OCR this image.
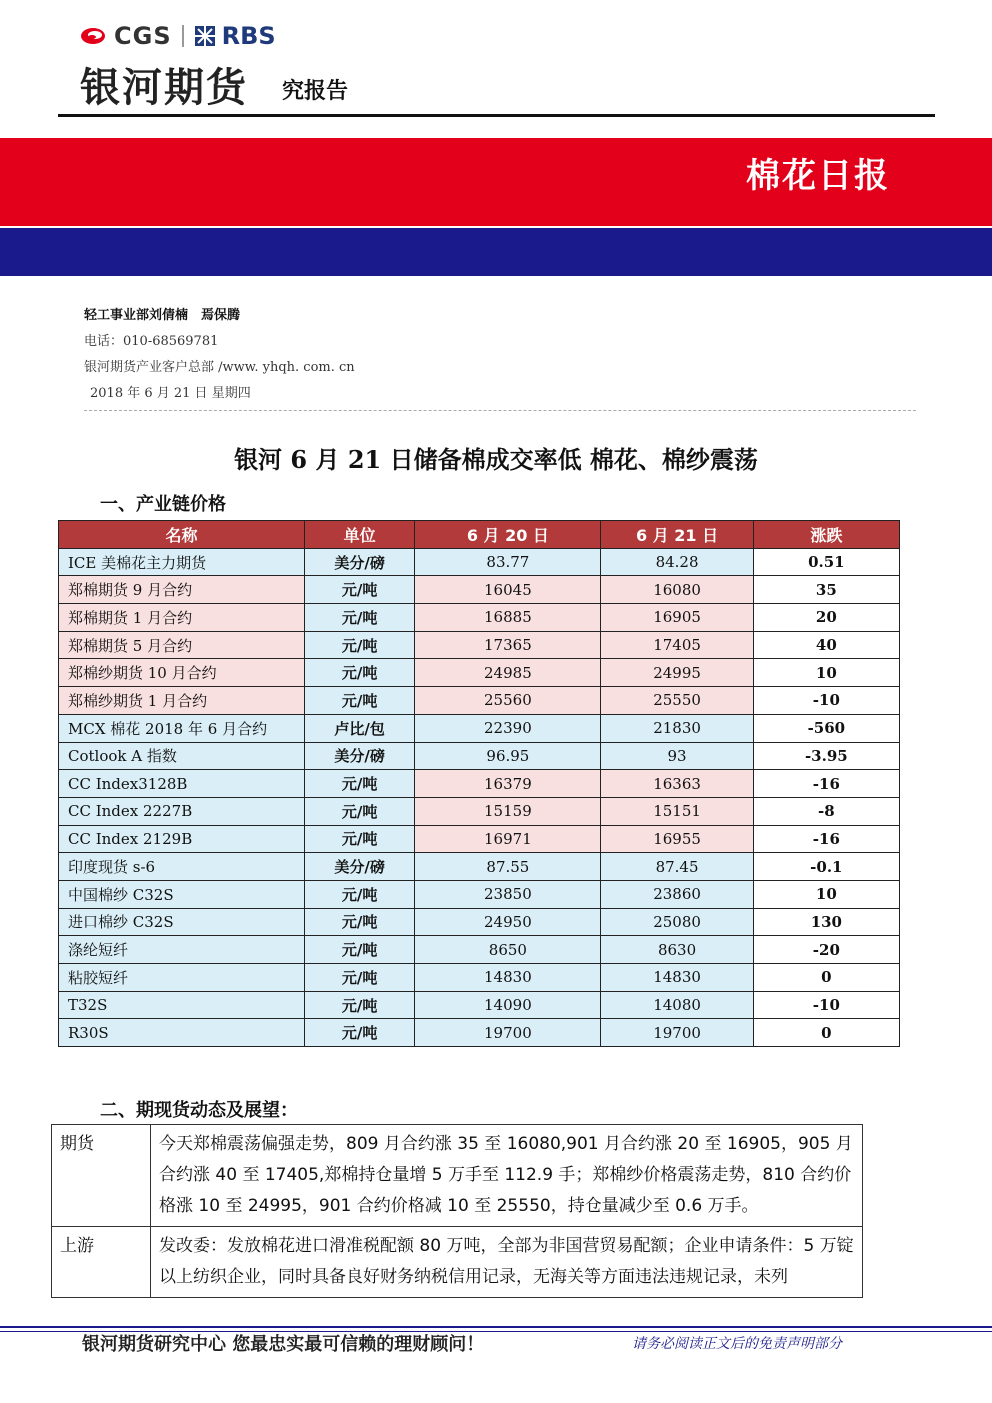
CGS RBS
银河期货 究报告
棉花日报
轻工事业部刘倩楠　焉保腾
电话：010-68569781
银河期货产业客户总部 /www. yhqh. com. cn
2018 年 6 月 21 日 星期四
银河 6 月 21 日储备棉成交率低 棉花、棉纱震荡
一、产业链价格
名称	单位	6 月 20 日	6 月 21 日	涨跌
ICE 美棉花主力期货	美分/磅	83.77	84.28	0.51
郑棉期货 9 月合约	元/吨	16045	16080	35
郑棉期货 1 月合约	元/吨	16885	16905	20
郑棉期货 5 月合约	元/吨	17365	17405	40
郑棉纱期货 10 月合约	元/吨	24985	24995	10
郑棉纱期货 1 月合约	元/吨	25560	25550	-10
MCX 棉花 2018 年 6 月合约	卢比/包	22390	21830	-560
Cotlook A 指数	美分/磅	96.95	93	-3.95
CC Index3128B	元/吨	16379	16363	-16
CC Index 2227B	元/吨	15159	15151	-8
CC Index 2129B	元/吨	16971	16955	-16
印度现货 s-6	美分/磅	87.55	87.45	-0.1
中国棉纱 C32S	元/吨	23850	23860	10
进口棉纱 C32S	元/吨	24950	25080	130
涤纶短纤	元/吨	8650	8630	-20
粘胶短纤	元/吨	14830	14830	0
T32S	元/吨	14090	14080	-10
R30S	元/吨	19700	19700	0
二、期现货动态及展望：
期货	今天郑棉震荡偏强走势，809 月合约涨 35 至 16080,901 月合约涨 20 至 16905，905 月合约涨 40 至 17405,郑棉持仓量增 5 万手至 112.9 手；郑棉纱价格震荡走势，810 合约价格涨 10 至 24995，901 合约价格减 10 至 25550，持仓量减少至 0.6 万手。
上游	发改委：发放棉花进口滑准税配额 80 万吨，全部为非国营贸易配额；企业申请条件：5 万锭以上纺织企业，同时具备良好财务纳税信用记录，无海关等方面违法违规记录，未列
银河期货研究中心 您最忠实最可信赖的理财顾问！	请务必阅读正文后的免责声明部分
